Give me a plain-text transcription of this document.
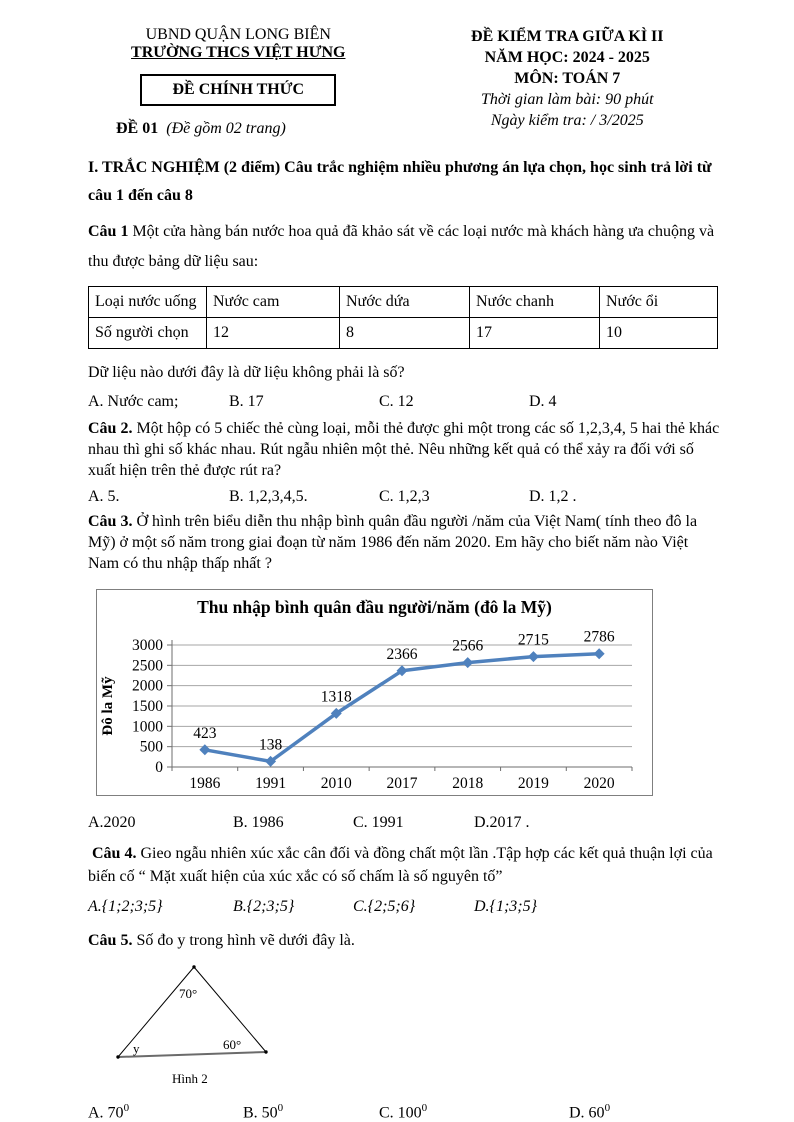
UBND QUẬN LONG BIÊN
TRƯỜNG THCS VIỆT HƯNG
ĐỀ CHÍNH THỨC
ĐỀ 01 (Đề gồm 02 trang)
ĐỀ KIỂM TRA GIỮA KÌ II
NĂM HỌC: 2024 - 2025
MÔN: TOÁN 7
Thời gian làm bài: 90 phút
Ngày kiểm tra: / 3/2025
I. TRẮC NGHIỆM (2 điểm) Câu trắc nghiệm nhiều phương án lựa chọn, học sinh trả lời từ câu 1 đến câu 8

Câu 1 Một cửa hàng bán nước hoa quả đã khảo sát về các loại nước mà khách hàng ưa chuộng và thu được bảng dữ liệu sau:

Loại nước uống	Nước cam	Nước dứa	Nước chanh	Nước ổi
Số người chọn	12	8	17	10

Dữ liệu nào dưới đây là dữ liệu không phải là số?

A. Nước cam;	B. 17	C. 12	D. 4

Câu 2. Một hộp có 5 chiếc thẻ cùng loại, mỗi thẻ được ghi một trong các số 1,2,3,4, 5 hai thẻ khác nhau thì ghi số khác nhau. Rút ngẫu nhiên một thẻ. Nêu những kết quả có thể xảy ra đối với số xuất hiện trên thẻ được rút ra?

A. 5.	B. 1,2,3,4,5.	C. 1,2,3	D. 1,2 .

Câu 3. Ở hình trên biểu diễn thu nhập bình quân đầu người /năm của Việt Nam( tính theo đô la Mỹ) ở một số năm trong giai đoạn từ năm 1986 đến năm 2020. Em hãy cho biết năm nào Việt Nam có thu nhập thấp nhất ?

Thu nhập bình quân đầu người/năm (đô la Mỹ)
0
500
1000
1500
2000
2500
3000
1986 1991 2010 2017 2018 2019 2020
423
138
1318
2366 2566 2715 2786
Đô la Mỹ
A.2020	B. 1986	C. 1991	D.2017 .

Câu 4. Gieo ngẫu nhiên xúc xắc cân đối và đồng chất một lần .Tập hợp các kết quả thuận lợi của biến cố “ Mặt xuất hiện của xúc xắc có số chấm là số nguyên tố”

A.{1;2;3;5}	B.{2;3;5}	C.{2;5;6}	D.{1;3;5}

Câu 5. Số đo y trong hình vẽ dưới đây là.

70°
y	60°
Hình 2
A. $70^0$	B. $50^0$	C. $100^0$	D. $60^0$
